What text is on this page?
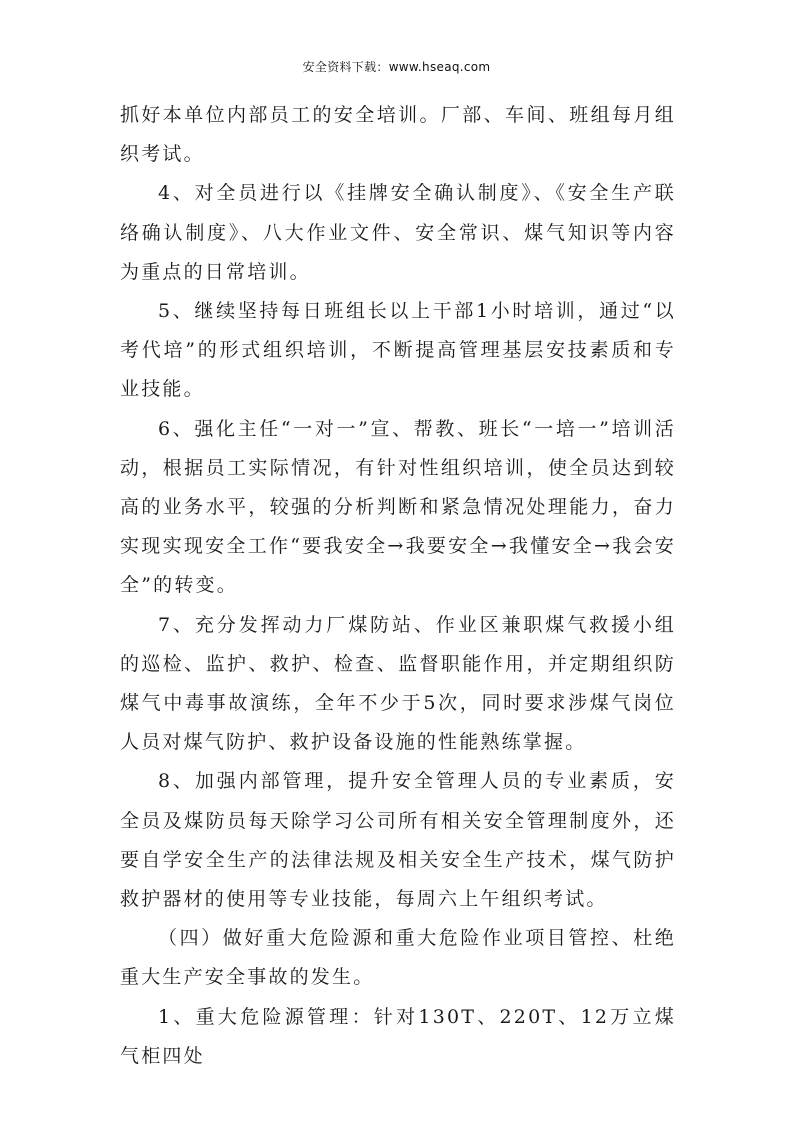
安全资料下载：www.hseaq.com

抓好本单位内部员工的安全培训。厂部、车间、班组每月组织考试。

4、对全员进行以《挂牌安全确认制度》、《安全生产联络确认制度》、八大作业文件、安全常识、煤气知识等内容为重点的日常培训。

5、继续坚持每日班组长以上干部1小时培训，通过“以考代培”的形式组织培训，不断提高管理基层安技素质和专业技能。

6、强化主任“一对一”宣、帮教、班长“一培一”培训活动，根据员工实际情况，有针对性组织培训，使全员达到较高的业务水平，较强的分析判断和紧急情况处理能力，奋力实现实现安全工作“要我安全→我要安全→我懂安全→我会安全”的转变。

7、充分发挥动力厂煤防站、作业区兼职煤气救援小组的巡检、监护、救护、检查、监督职能作用，并定期组织防煤气中毒事故演练，全年不少于5次，同时要求涉煤气岗位人员对煤气防护、救护设备设施的性能熟练掌握。

8、加强内部管理，提升安全管理人员的专业素质，安全员及煤防员每天除学习公司所有相关安全管理制度外，还要自学安全生产的法律法规及相关安全生产技术，煤气防护救护器材的使用等专业技能，每周六上午组织考试。

（四）做好重大危险源和重大危险作业项目管控、杜绝重大生产安全事故的发生。

1、重大危险源管理：针对130T、220T、12万立煤气柜四处
